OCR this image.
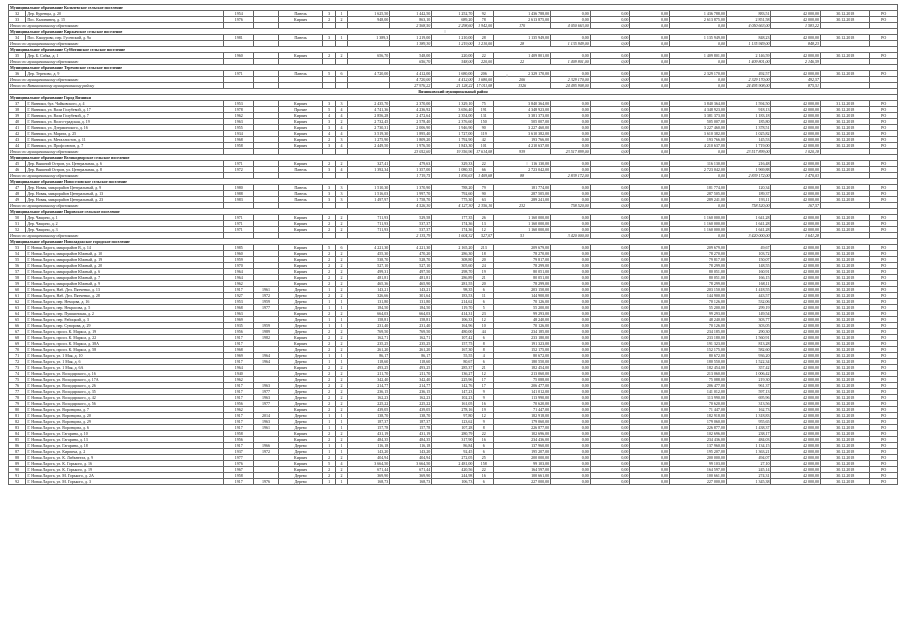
Муниципальное образование Кольчевское сельское поселение																			
32	Дер. Куренцы, д. 20	1954		Панель	3	1	1 625,50	1 442,50	1 252,70	92	1 436 788,00	0,00	0,00	0,00	1 436 788,00	883,51	42 000,00	30.12.2018	РО
33	Пос. Калининец, д. 15	1976		Кирпич	2	2	948,00	863,10	689,20	78	2 613 875,00	0,00	0,00	0,00	2 613 875,00	2 851,58	42 000,00	30.12.2018	РО
Итого по муниципальному образованию								2 568,50	2 298,60	1 942,00	170	4 050 663,00	0,00	0,00	0,00	4 050 663,00	1 583,22		
Муниципальное образование Киржачское сельское поселение																			
34	Пос. Кашурово, пер. Гусевский, д. 9а	1981		Панель	3	1	1 389,3	1 219,00	1 210,00	28	1 135 949,00	0,00	0,00	0,00	1 135 949,00	848,23	42 000,00	30.12.2018	РО
Итого по муниципальному образованию								1 389,30	1 219,00	1 210,00	28	1 135 949,00	0,00	0,00	0,00	1 135 949,00	848,23		
Муниципальное образование Субботинское сельское поселение																			
35	Дер. Б. Сабка, д. 1	1960		Кирпич	2	2	656,70	548,00	220,00	22	1 409 801,00	0,00	0,00	0,00	1 409 801,00	2 146,59	42 000,00	30.12.2018	РО
Итого по муниципальному образованию								656,70	548,00	220,00	22	1 409 801,00	0,00	0,00	0,00	1 409 801,00	2 146,59		
Муниципальное образование Тереховское сельское поселение																			
36	Дер. Терехово, д. 9	1971		Панель	5	6	4 720,00	4 412,00	1 680,00	206	2 329 170,00	0,00	0,00	0,00	2 329 170,00	492,57	42 000,00	30.12.2018	РО
Итого по муниципальному образованию								4 720,00	4 412,00	1 680,00	206	2 329 170,00	0,00	0,00	0,00	2 329 170,00	492,57		
Итого по Вязниковскому муниципальному району								27 976,22	21 128,22	17 011,08	1326	24 495 908,00	0,00	0,00	0,00	24 495 908,00	875,51		
Вязниковский муниципальный район																			
Муниципальное образование Город Вязники																			
37	Г. Вязники, бул. Чайковского, д. 4	1953		Кирпич	3	3	2 435,70	2 370,00	1 329,10	75	3 840 364,00	0,00	0,00	0,00	3 840 364,00	1 594,50	42 000,00	31.12.2018	РО
38	Г. Вязники, ул. Вали Голубевой, д. 17	1978		Прочие	5	4	4 741,36	4 236,92	3 656,40	191	4 348 923,00	0,00	0,00	0,00	4 348 923,00	918,13	42 000,00	30.12.2018	РО
39	Г. Вязники, ул. Вали Голубевой, д. 7	1962		Кирпич	4	4	2 856,28	2 472,64	2 354,00	131	3 381 373,00	0,00	0,00	0,00	3 381 373,00	1 183,18	42 000,00	30.12.2018	РО
40	Г. Вязники, ул. Волго-градская, д. 19	1963		Кирпич	3	2	2 732,45	2 578,40	2 376,60	150	505 007,00	0,00	0,00	0,00	505 007,00	185,80	42 000,00	30.12.2018	РО
41	Г. Вязники, ул. Дзержинского, д. 16	1955		Кирпич	3	4	2 730,31	2 006,90	1 946,90	90	3 227 460,00	0,00	0,00	0,00	3 227 460,00	1 378,51	42 000,00	30.12.2018	РО
42	Г. Вязники, ул. Марата, д. 25	1934		Кирпич	4	4	3 519,30	1 895,40	1 727,00	119	3 610 382,00	0,00	0,00	0,00	3 610 382,00	1 025,82	42 000,00	30.12.2018	РО
43	Г. Вязники, ул. Металлистов, д. 11	1968		Кирпич	2	3	1 275,90	1 809,20	1 792,90	42	193 766,00	0,00	0,00	0,00	193 766,00	145,53	42 000,00	30.12.2018	РО
44	Г. Вязники, ул. Профсоюзов, д. 7	1958		Кирпич	3	4	2 449,50	1 976,50	1 843,30	101	4 210 637,00	0,00	0,00	0,00	4 210 637,00	1 719,00	42 000,00	30.12.2018	РО
Итого по муниципальному образованию								23 052,60	19 356,96	17 614,08	939	23 517 899,00	0,00	0,00	0,00	23 517 899,00	1 020,18		
Муниципальное образование Великодворское сельское поселение																			
45	Дер. Вышний Остров, ул. Центральная, д. 6	1971		Кирпич	2	2	327,41	479,63	329,33	22	116 130,00	0,00	0,00	0,00	116 130,00	216,48	42 000,00	30.12.2018	РО
46	Дер. Вышний Остров, ул. Центральная, д. 8	1972		Панель	3	4	1 392,34	1 357,00	1 080,35	66	2 723 042,00	0,00	0,00	0,00	2 723 042,00	1 969,88	42 000,00	30.12.2018	РО
Итого по муниципальному образованию								1 719,75	1 836,63	1 409,68	88	2 839 172,00	0,00	0,00	0,00	2 839 172,00	1 470,03		
Муниципальное образование Новоселовское сельское поселение																			
47	Дер. Новая, микрорайон Центральный, д. 9	1980		Панель	3	3	1 510,30	1 370,90	788,20	79	181 774,00	0,00	0,00	0,00	181 774,00	120,34	42 000,00	30.12.2018	РО
48	Дер. Новая, микрорайон Центральный, д. 13	1988		Панель	3	3	1 516,03	1 997,70	792,60	90	287 505,00	0,00	0,00	0,00	287 505,00	189,37	42 000,00	30.12.2018	РО
49	Дер. Новая, микрорайон Центральный, д. 23	1983		Панель	3	3	1 497,97	1 758,70	775,30	63	289 241,00	0,00	0,00	0,00	289 241,00	193,11	42 000,00	30.12.2018	РО
Итого по муниципальному образованию								4 526,30	4 127,30	2 356,10	232	758 520,00	0,00	0,00	0,00	758 520,00	167,57		
Муниципальное образование Пировское сельское поселение																			
50	Дер. Чащино, д. 1	1971		Кирпич	2	2	711,93	529,58	177,35	26	1 160 000,00	0,00	0,00	0,00	1 160 000,00	1 641,28	42 000,00	30.12.2018	РО
51	Дер. Чащино, д. 2	1971		Кирпич	2	2	711,93	537,37	174,36	13	1 160 000,00	0,00	0,00	0,00	1 160 000,00	1 641,28	42 000,00	30.12.2018	РО
52	Дер. Чащино, д. 3	1971		Кирпич	2	2	711,93	537,37	174,36	12	1 160 000,00	0,00	0,00	0,00	1 160 000,00	1 641,28	42 000,00	30.12.2018	РО
Итого по муниципальному образованию								2 135,79	1 604,32	527,07	51	3 420 000,00	0,00	0,00	0,00	3 420 000,00	1 641,28		
Муниципальное образование Новоладожское городское поселение																			
53	Г. Новая Ладога, микрорайон В, д. 14	1985		Кирпич	5	6	4 221,30	4 221,30	2 165,20	213	209 679,00	0,00	0,00	0,00	209 679,00	49,67	42 000,00	30.12.2018	РО
54	Г. Новая Ладога, микрорайон Южный, д. 10	1960		Кирпич	2	2	455,30	470,20	286,30	18	78 270,00	0,00	0,00	0,00	78 270,00	103,72	42 000,00	30.12.2018	РО
55	Г. Новая Ладога, микрорайон Южный, д. 19	1959		Кирпич	2	2	538,70	528,70	308,80	20	79 817,00	0,00	0,00	0,00	79 817,00	150,07	42 000,00	30.12.2018	РО
56	Г. Новая Ладога, микрорайон Южный, д. 20	1970		Кирпич	2	2	527,10	527,10	305,60	24	78 299,00	0,00	0,00	0,00	78 299,00	148,55	42 000,00	30.12.2018	РО
57	Г. Новая Ладога, микрорайон Южный, д. 6	1964		Кирпич	2	2	499,31	497,50	298,70	19	80 051,00	0,00	0,00	0,00	80 051,00	160,91	42 000,00	30.12.2018	РО
58	Г. Новая Ладога, микрорайон Южный, д. 7	1964		Кирпич	2	2	481,81	481,81	286,89	21	80 051,00	0,00	0,00	0,00	80 051,00	166,15	42 000,00	30.12.2018	РО
59	Г. Новая Ладога, микрорайон Южный, д. 9	1962		Кирпич	2	2	465,36	465,90	281,55	20	78 299,00	0,00	0,00	0,00	78 299,00	168,11	42 000,00	30.12.2018	РО
60	Г. Новая Ладога, Наб. Дел. Пятченко, д. 13	1917	1961	Дерево	1	2	143,21	143,21	98,35	6	203 150,00	0,00	0,00	0,00	203 150,00	1 418,55	42 000,00	30.12.2018	РО
61	Г. Новая Ладога, Наб. Дел. Пятченко, д. 28	1927	1972	Дерево	2	2	326,66	301,64	183,53	11	144 900,00	0,00	0,00	0,00	144 900,00	443,57	42 000,00	30.12.2018	РО
62	Г. Новая Ладога, пер. Немцова, д. 16	1953	1959	Дерево	1	1	131,80	131,80	214,62	6	70 126,00	0,00	0,00	0,00	70 126,00	532,06	42 000,00	30.12.2018	РО
63	Г. Новая Ладога, пер. Некрасова, д. 5	1968	1977	Дерево	1	1	184,50	184,50	119,70	5	55 200,00	0,00	0,00	0,00	55 200,00	299,19	42 000,00	30.12.2018	РО
64	Г. Новая Ладога, пер. Пушкинская, д. 2	1963		Кирпич	2	2	664,03	664,03	414,31	23	99 293,00	0,00	0,00	0,00	99 293,00	149,54	42 000,00	30.12.2018	РО
65	Г. Новая Ладога, пер. Рабоцкий, д. 3	1969		Дерево	1	1	158,81	158,81	106,33	12	48 240,00	0,00	0,00	0,00	48 240,00	303,77	42 000,00	30.12.2018	РО
66	Г. Новая Ладога, пер. Суворова, д. 29	1935	1959	Дерево	1	1	231,40	231,40	164,96	10	70 126,00	0,00	0,00	0,00	70 126,00	303,05	42 000,00	30.12.2018	РО
67	Г. Новая Ладога, просп. К. Маркса, д. 19	1956	1989	Дерево	2	2	769,50	769,50	480,00	44	234 185,00	0,00	0,00	0,00	234 185,00	290,30	42 000,00	30.12.2018	РО
68	Г. Новая Ладога, просп. К. Маркса, д. 22	1917	1982	Кирпич	2	2	162,71	162,71	107,42	6	233 180,00	0,00	0,00	0,00	233 180,00	1 560,91	42 000,00	30.12.2018	РО
69	Г. Новая Ладога, просп. К. Маркса, д. 38А	1917		Кирпич	2	2	235,25	235,25	157,75	8	191 323,00	0,00	0,00	0,00	191 323,00	813,28	42 000,00	30.12.2018	РО
70	Г. Новая Ладога, просп. К. Маркса, д. 58	1968		Дерево	2	2	261,20	261,20	167,30	8	152 175,00	0,00	0,00	0,00	152 175,00	582,60	42 000,00	30.12.2018	РО
71	Г. Новая Ладога, ул. 1 Мая, д. 10	1969	1964	Дерево	1	1	86,17	86,17	55,55	4	80 672,00	0,00	0,00	0,00	80 672,00	936,20	42 000,00	30.12.2018	РО
72	Г. Новая Ладога, ул. 1 Мая, д. 6	1917	1964	Дерево	1	1	118,60	118,60	80,67	6	180 550,00	0,00	0,00	0,00	180 550,00	1 522,34	42 000,00	30.12.2018	РО
73	Г. Новая Ладога, ул. 1 Мая, д. 6А	1964		Кирпич	2	2	493,25	493,25	285,37	21	182 454,00	0,00	0,00	0,00	182 454,00	357,42	42 000,00	30.12.2018	РО
74	Г. Новая Ладога, ул. Володарского, д. 16	1940		Дерево	2	2	211,70	211,70	136,27	12	213 060,00	0,00	0,00	0,00	213 060,00	1 006,42	42 000,00	30.12.2018	РО
75	Г. Новая Ладога, ул. Володарского, д. 17А	1962		Дерево	2	2	342,40	342,40	225,96	17	75 088,00	0,00	0,00	0,00	75 088,00	219,30	42 000,00	30.12.2018	РО
76	Г. Новая Ладога, ул. Володарского, д. 26	1917	1963	Дерево	2	2	214,77	214,77	142,76	17	206 477,00	0,00	0,00	0,00	206 477,00	961,37	42 000,00	30.12.2018	РО
77	Г. Новая Ладога, ул. Володарского, д. 35	1917	1977	Дерево	2	2	236,15	236,15	147,23	9	141 012,00	0,00	0,00	0,00	141 012,00	597,13	42 000,00	30.12.2018	РО
78	Г. Новая Ладога, ул. Володарского, д. 42	1917	1963	Дерево	2	2	162,23	162,23	102,23	9	113 990,00	0,00	0,00	0,00	113 990,00	695,96	42 000,00	30.12.2018	РО
79	Г. Новая Ладога, ул. Володарского, д. 56	1956	1977	Дерево	2	2	225,22	225,22	161,05	16	70 620,00	0,00	0,00	0,00	70 620,00	313,56	42 000,00	30.12.2018	РО
80	Г. Новая Ладога, ул. Воронцова, д. 7	1962		Кирпич	2	2	439,05	439,05	278,16	19	71 447,00	0,00	0,00	0,00	71 447,00	162,73	42 000,00	30.12.2018	РО
81	Г. Новая Ладога, ул. Воронцова, д. 20	1917	2014	Дерево	1	1	138,70	138,70	97,80	12	182 918,00	0,00	0,00	0,00	182 918,00	1 318,83	42 000,00	30.12.2018	РО
82	Г. Новая Ладога, ул. Воронцова, д. 29	1917	1963	Дерево	1	1	187,37	187,37	123,62	9	179 060,00	0,00	0,00	0,00	179 060,00	955,65	42 000,00	30.12.2018	РО
83	Г. Новая Ладога, ул. Воронцова, д. 6	1917	1961	Дерево	1	1	157,78	157,78	107,28	8	226 877,00	0,00	0,00	0,00	226 877,00	1 438,37	42 000,00	30.12.2018	РО
84	Г. Новая Ладога, ул. Гагарина, д. 10	1958		Кирпич	2	2	431,19	431,19	280,79	22	102 696,00	0,00	0,00	0,00	102 696,00	238,17	42 000,00	30.12.2018	РО
85	Г. Новая Ладога, ул. Гагарина, д. 13	1956		Кирпич	2	2	484,35	484,35	317,90	16	234 436,00	0,00	0,00	0,00	234 436,00	484,03	42 000,00	30.12.2018	РО
86	Г. Новая Ладога, ул. Гагарина, д. 18	1917	1966	Дерево	1	1	116,18	116,18	86,84	6	137 960,00	0,00	0,00	0,00	137 960,00	1 134,15	42 000,00	30.12.2018	РО
87	Г. Новая Ладога, ул. Кирпича, д. 2	1937	1972	Дерево	1	1	143,20	143,20	92,45	6	195 207,00	0,00	0,00	0,00	195 207,00	1 363,21	42 000,00	30.12.2018	РО
88	Г. Новая Ладога, ул. К. Либкнехта, д. 9	1977		Кирпич	2	2	404,94	404,94	272,05	25	200 000,00	0,00	0,00	0,00	200 000,00	494,07	42 000,00	30.12.2018	РО
89	Г. Новая Ладога, ул. К. Горького, д. 16	1976		Кирпич	5	4	3 664,50	3 664,50	2 481,00	158	99 103,00	0,00	0,00	0,00	99 103,00	27,10	42 000,00	30.12.2018	РО
90	Г. Новая Ладога, ул. К. Горького, д. 19	1967		Кирпич	2	2	671,44	671,44	420,56	22	164 597,00	0,00	0,00	0,00	164 597,00	245,14	42 000,00	30.12.2018	РО
91	Г. Новая Ладога, ул. М. Горького, д. 2А	1958		Дерево	2	2	369,90	369,90	244,98	16	100 661,00	0,00	0,00	0,00	100 661,00	274,31	42 000,00	30.12.2018	РО
92	Г. Новая Ладога, ул. М. Горького, д. 3	1917	1976	Дерево	1	1	168,73	168,73	106,73	6	227 000,00	0,00	0,00	0,00	227 000,00	1 345,38	42 000,00	30.12.2018	РО
